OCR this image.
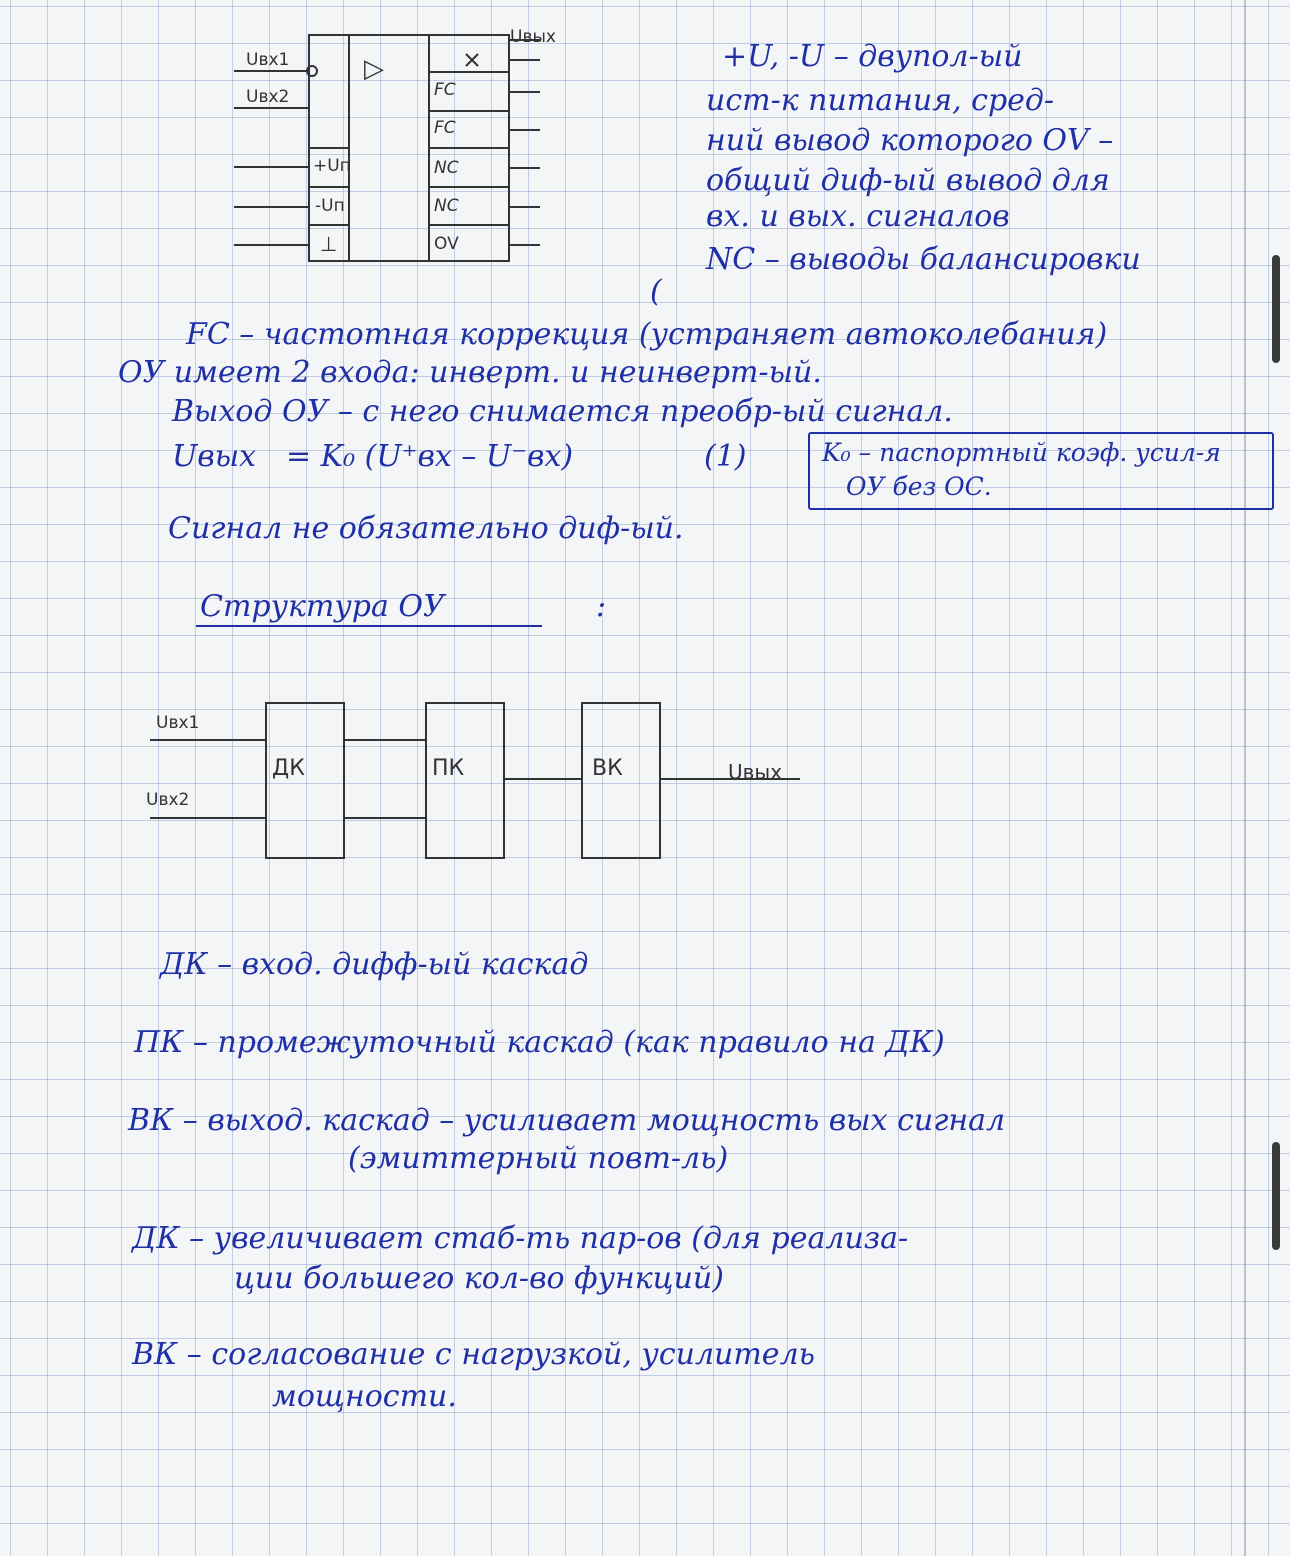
Uвх1
Uвх2
Uвых
▷
+Uп
-Uп
⊥
FC
FC
NC
NC
OV
+U, -U – двупол-ый
ист-к питания, сред-
ний вывод которого ОV –
общий диф-ый вывод для
вх. и вых. сигналов
NC – выводы балансировки
(
FC – частотная коррекция (устраняет автоколебания)
ОУ имеет 2 входа: инверт. и неинверт-ый.
Выход ОУ – с него снимается преобр-ый сигнал.
Uвых = K₀ (U⁺вх – U⁻вх)	(1)	K₀ – паспортный коэф. усил-я
ОУ без ОС.
Сигнал не обязательно диф-ый.
Структура ОУ	:
Uвх1
Uвх2
ДК	ПК	ВК	Uвых
ДК – вход. дифф-ый каскад
ПК – промежуточный каскад (как правило на ДК)
ВК – выход. каскад – усиливает мощность вых сигнал
(эмиттерный повт-ль)
ДК – увеличивает стаб-ть пар-ов (для реализа-
ции большего кол-во функций)
ВК – согласование с нагрузкой, усилитель
мощности.
